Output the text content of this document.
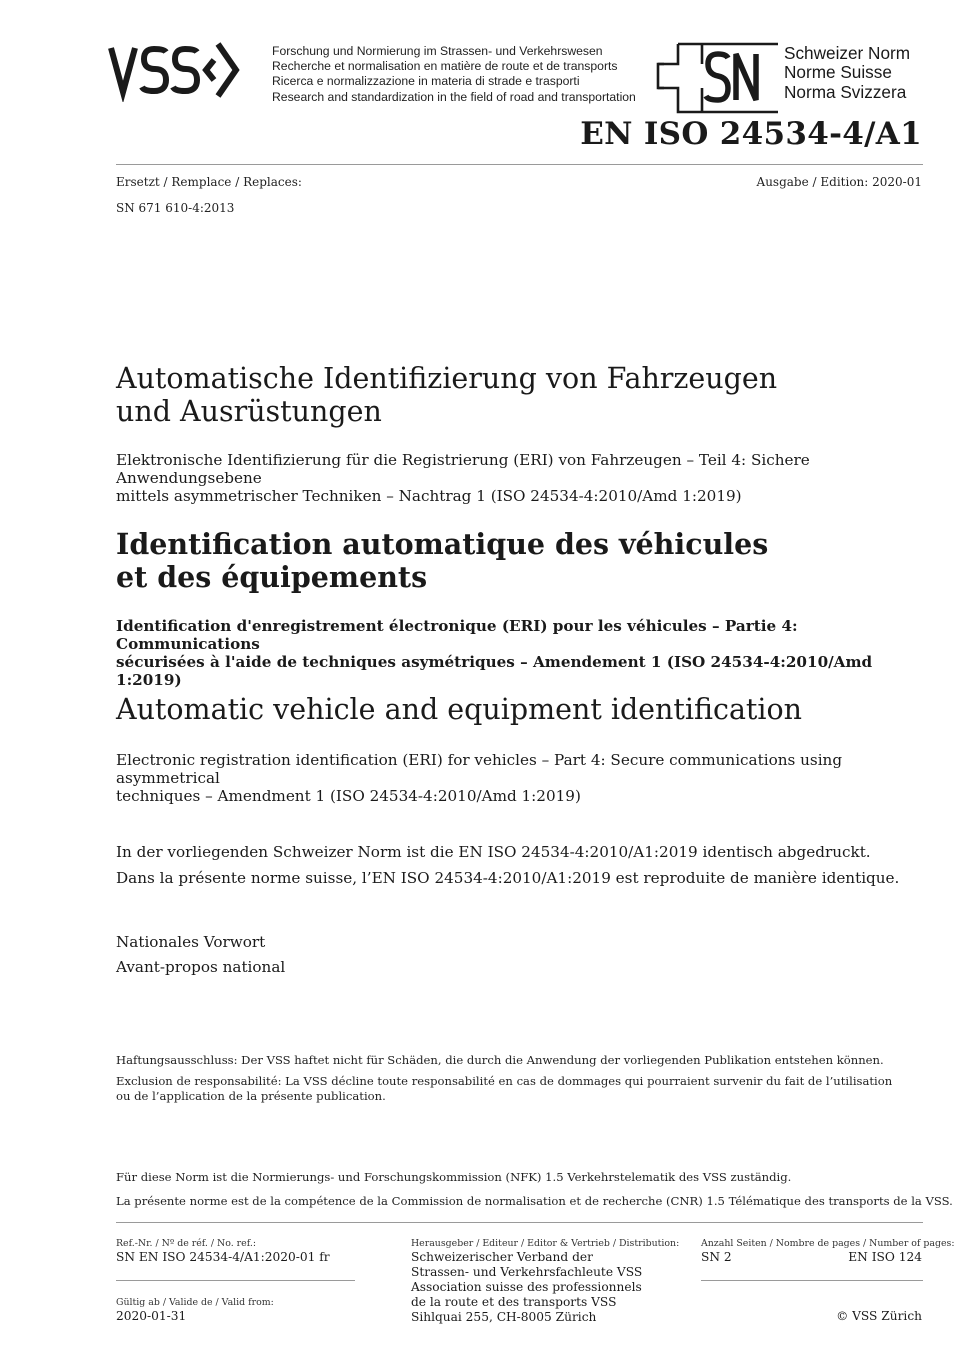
Forschung und Normierung im Strassen- und Verkehrswesen
Recherche et normalisation en matière de route et de transports
Ricerca e normalizzazione in materia di strade e trasporti
Research and standardization in the field of road and transportation
Schweizer Norm
Norme Suisse
Norma Svizzera
EN ISO 24534-4/A1
Ersetzt / Remplace / Replaces:
SN 671 610-4:2013
Ausgabe / Edition: 2020-01
Automatische Identifizierung von Fahrzeugen
und Ausrüstungen
Elektronische Identifizierung für die Registrierung (ERI) von Fahrzeugen – Teil 4: Sichere Anwendungsebene
mittels asymmetrischer Techniken – Nachtrag 1 (ISO 24534-4:2010/Amd 1:2019)
Identification automatique des véhicules
et des équipements
Identification d'enregistrement électronique (ERI) pour les véhicules – Partie 4: Communications
sécurisées à l'aide de techniques asymétriques – Amendement 1 (ISO 24534-4:2010/Amd 1:2019)
Automatic vehicle and equipment identification
Electronic registration identification (ERI) for vehicles – Part 4: Secure communications using asymmetrical
techniques – Amendment 1 (ISO 24534-4:2010/Amd 1:2019)
In der vorliegenden Schweizer Norm ist die EN ISO 24534-4:2010/A1:2019 identisch abgedruckt.
Dans la présente norme suisse, l’EN ISO 24534-4:2010/A1:2019 est reproduite de manière identique.
Nationales Vorwort
Avant-propos national
Haftungsausschluss: Der VSS haftet nicht für Schäden, die durch die Anwendung der vorliegenden Publikation entstehen können.
Exclusion de responsabilité: La VSS décline toute responsabilité en cas de dommages qui pourraient survenir du fait de l’utilisation
ou de l’application de la présente publication.
Für diese Norm ist die Normierungs- und Forschungskommission (NFK) 1.5 Verkehrstelematik des VSS zuständig.
La présente norme est de la compétence de la Commission de normalisation et de recherche (CNR) 1.5 Télématique des transports de la VSS.
Ref.-Nr. / Nº de réf. / No. ref.:
SN EN ISO 24534-4/A1:2020-01 fr
Gültig ab / Valide de / Valid from:
2020-01-31
Herausgeber / Editeur / Editor & Vertrieb / Distribution:
Schweizerischer Verband der
Strassen- und Verkehrsfachleute VSS
Association suisse des professionnels
de la route et des transports VSS
Sihlquai 255, CH-8005 Zürich
Anzahl Seiten / Nombre de pages / Number of pages:
SN 2	EN ISO 124
© VSS Zürich
